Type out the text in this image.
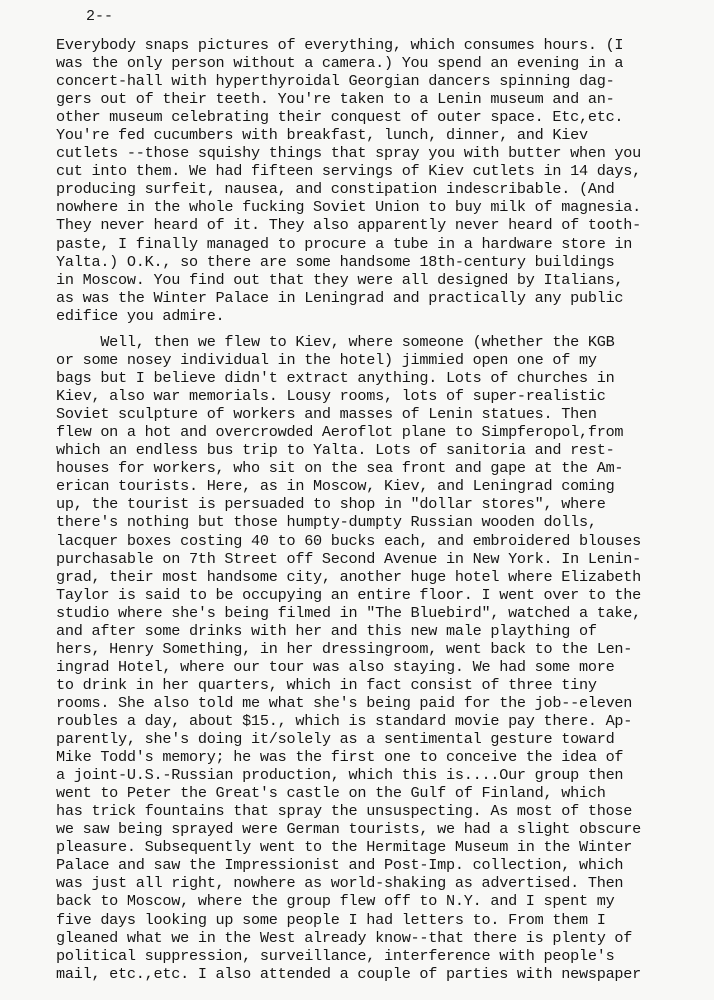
2--
Everybody snaps pictures of everything, which consumes hours. (I
was the only person without a camera.) You spend an evening in a
concert-hall with hyperthyroidal Georgian dancers spinning dag-
gers out of their teeth. You're taken to a Lenin museum and an-
other museum celebrating their conquest of outer space. Etc,etc.
You're fed cucumbers with breakfast, lunch, dinner, and Kiev
cutlets --those squishy things that spray you with butter when you
cut into them. We had fifteen servings of Kiev cutlets in 14 days,
producing surfeit, nausea, and constipation indescribable. (And
nowhere in the whole fucking Soviet Union to buy milk of magnesia.
They never heard of it. They also apparently never heard of tooth-
paste, I finally managed to procure a tube in a hardware store in
Yalta.) O.K., so there are some handsome 18th-century buildings
in Moscow. You find out that they were all designed by Italians,
as was the Winter Palace in Leningrad and practically any public
edifice you admire.
Well, then we flew to Kiev, where someone (whether the KGB
or some nosey individual in the hotel) jimmied open one of my
bags but I believe didn't extract anything. Lots of churches in
Kiev, also war memorials. Lousy rooms, lots of super-realistic
Soviet sculpture of workers and masses of Lenin statues. Then
flew on a hot and overcrowded Aeroflot plane to Simpferopol,from
which an endless bus trip to Yalta. Lots of sanitoria and rest-
houses for workers, who sit on the sea front and gape at the Am-
erican tourists. Here, as in Moscow, Kiev, and Leningrad coming
up, the tourist is persuaded to shop in "dollar stores", where
there's nothing but those humpty-dumpty Russian wooden dolls,
lacquer boxes costing 40 to 60 bucks each, and embroidered blouses
purchasable on 7th Street off Second Avenue in New York. In Lenin-
grad, their most handsome city, another huge hotel where Elizabeth
Taylor is said to be occupying an entire floor. I went over to the
studio where she's being filmed in "The Bluebird", watched a take,
and after some drinks with her and this new male plaything of
hers, Henry Something, in her dressingroom, went back to the Len-
ingrad Hotel, where our tour was also staying. We had some more
to drink in her quarters, which in fact consist of three tiny
rooms. She also told me what she's being paid for the job--eleven
roubles a day, about $15., which is standard movie pay there. Ap-
parently, she's doing it/solely as a sentimental gesture toward
Mike Todd's memory; he was the first one to conceive the idea of
a joint-U.S.-Russian production, which this is....Our group then
went to Peter the Great's castle on the Gulf of Finland, which
has trick fountains that spray the unsuspecting. As most of those
we saw being sprayed were German tourists, we had a slight obscure
pleasure. Subsequently went to the Hermitage Museum in the Winter
Palace and saw the Impressionist and Post-Imp. collection, which
was just all right, nowhere as world-shaking as advertised. Then
back to Moscow, where the group flew off to N.Y. and I spent my
five days looking up some people I had letters to. From them I
gleaned what we in the West already know--that there is plenty of
political suppression, surveillance, interference with people's
mail, etc.,etc. I also attended a couple of parties with newspaper
